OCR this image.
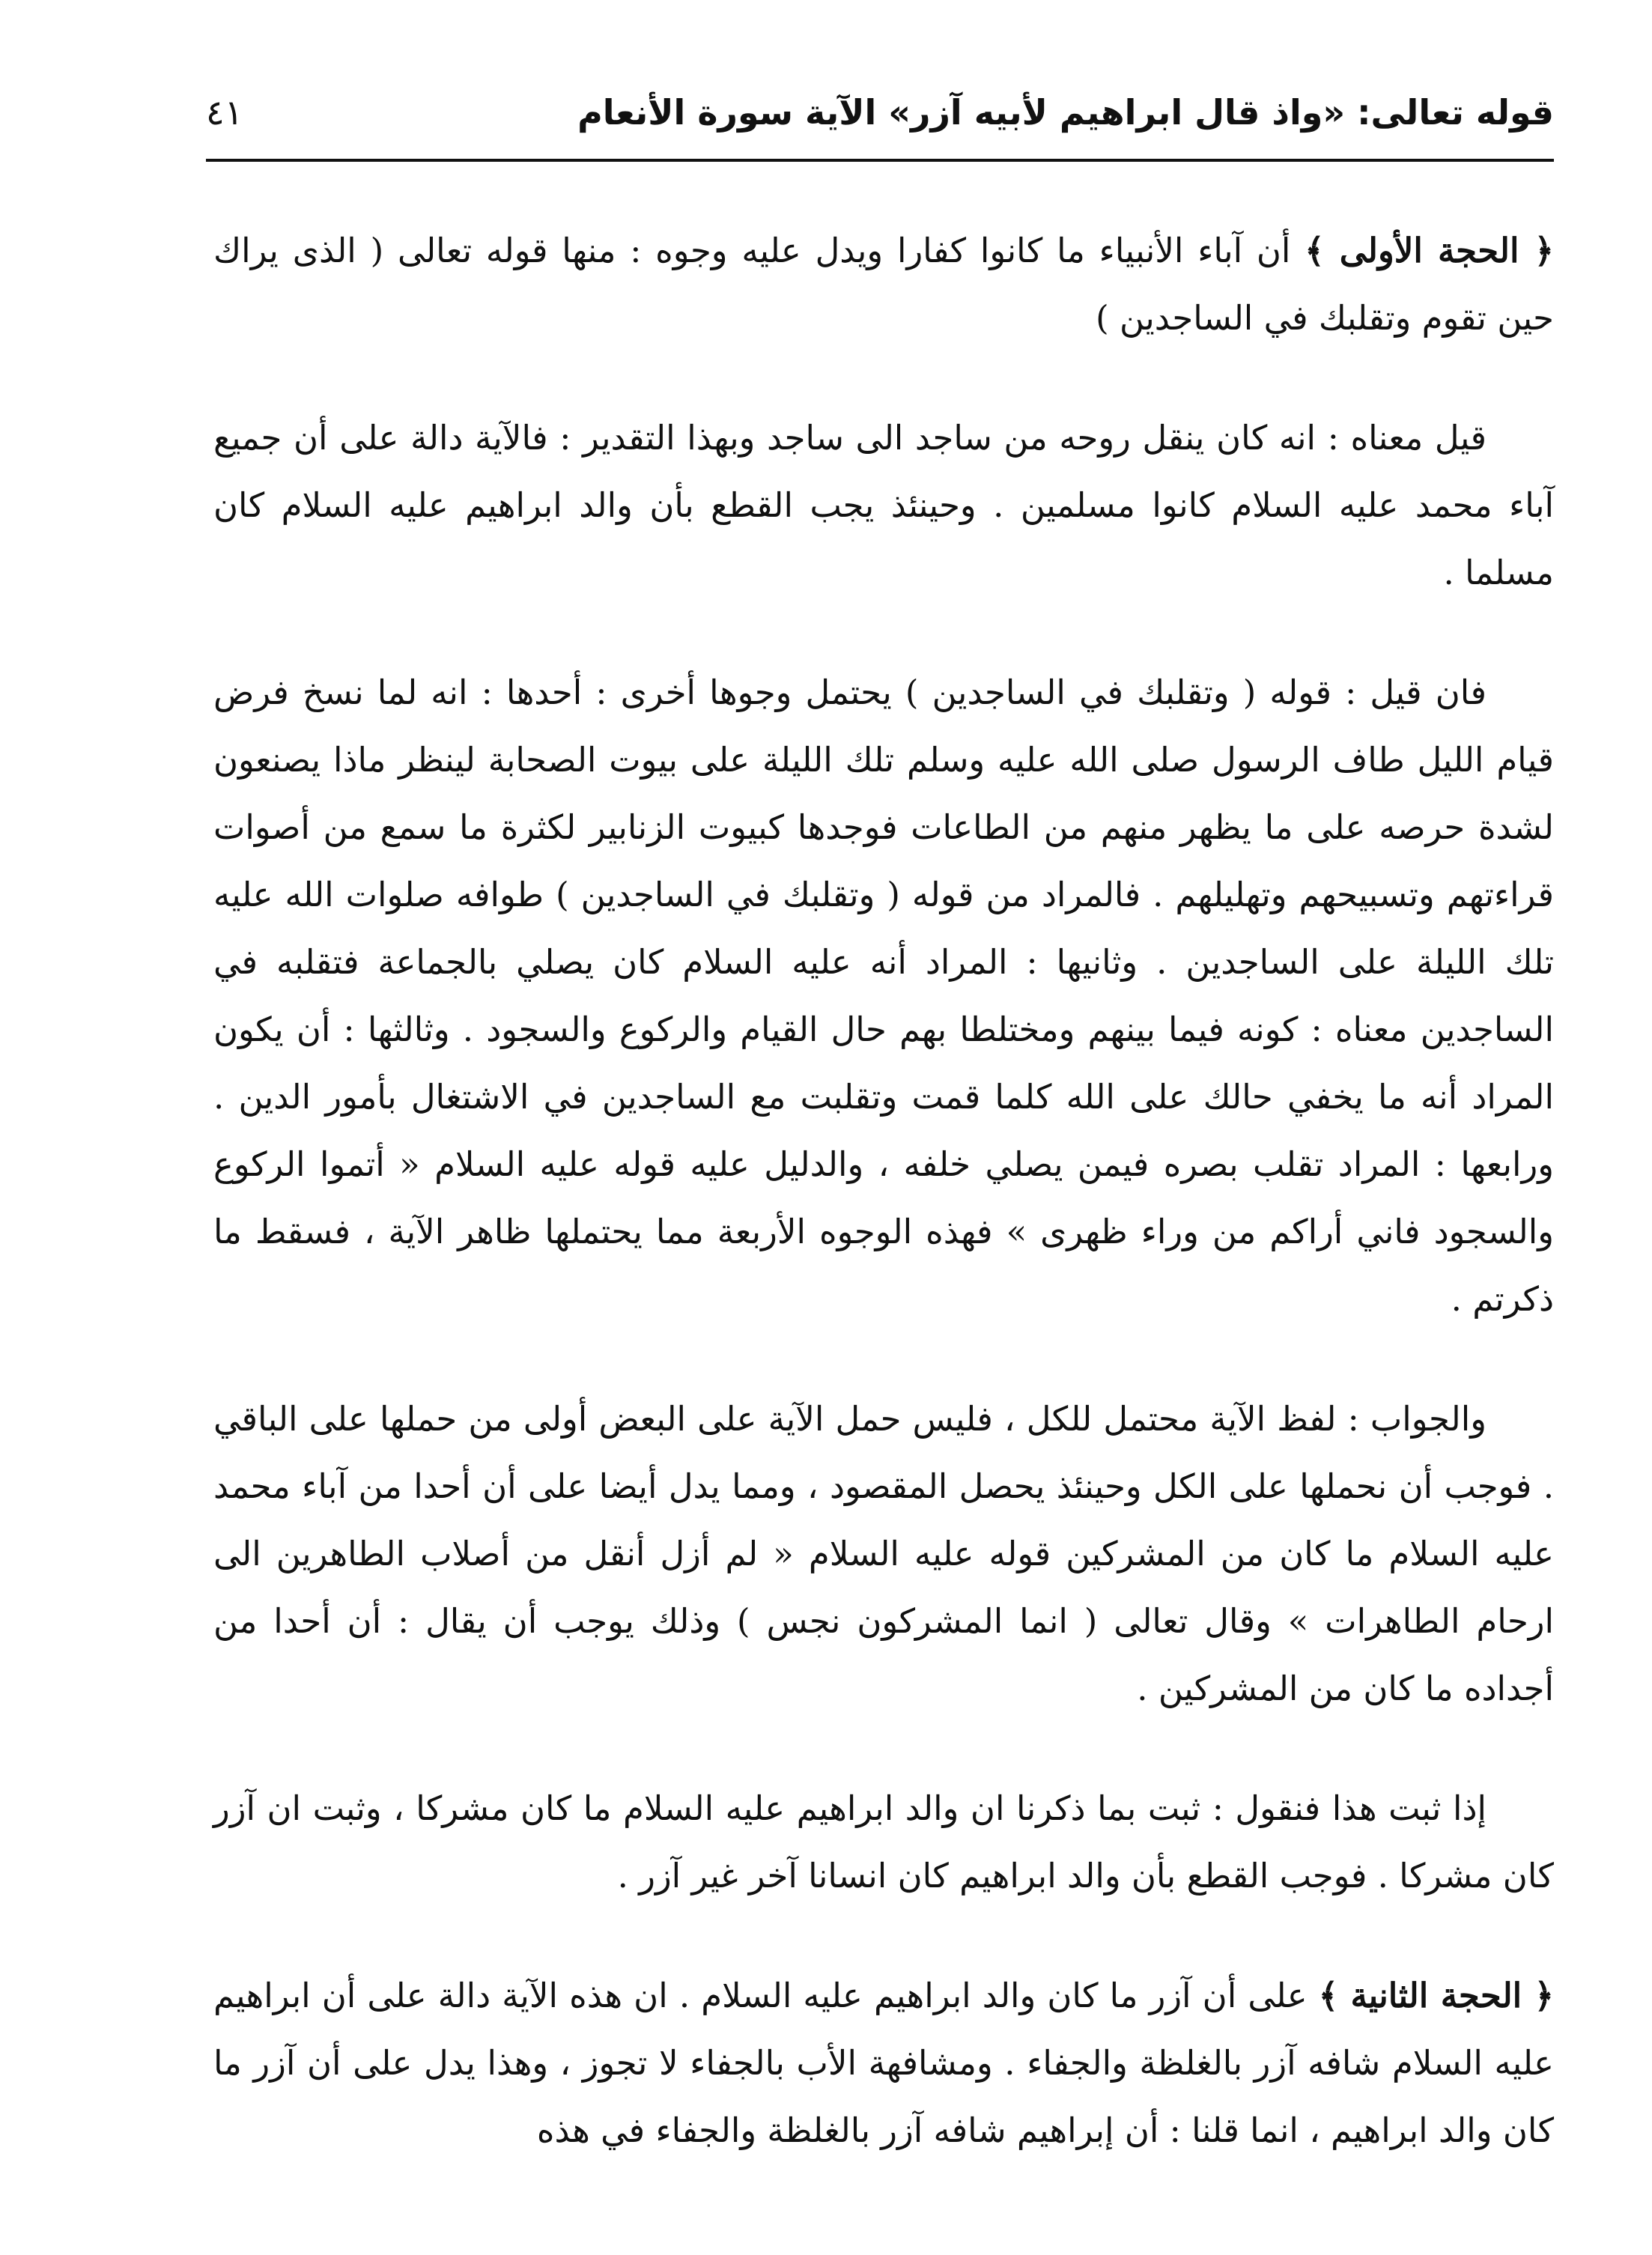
قوله تعالى: «واذ قال ابراهيم لأبيه آزر» الآية سورة الأنعام
٤١

﴿ الحجة الأولى ﴾ أن آباء الأنبياء ما كانوا كفارا ويدل عليه وجوه : منها قوله تعالى ( الذى يراك حين تقوم وتقلبك في الساجدين )

قيل معناه : انه كان ينقل روحه من ساجد الى ساجد وبهذا التقدير : فالآية دالة على أن جميع آباء محمد عليه السلام كانوا مسلمين . وحينئذ يجب القطع بأن والد ابراهيم عليه السلام كان مسلما .

فان قيل : قوله ( وتقلبك في الساجدين ) يحتمل وجوها أخرى : أحدها : انه لما نسخ فرض قيام الليل طاف الرسول صلى الله عليه وسلم تلك الليلة على بيوت الصحابة لينظر ماذا يصنعون لشدة حرصه على ما يظهر منهم من الطاعات فوجدها كبيوت الزنابير لكثرة ما سمع من أصوات قراءتهم وتسبيحهم وتهليلهم . فالمراد من قوله ( وتقلبك في الساجدين ) طوافه صلوات الله عليه تلك الليلة على الساجدين . وثانيها : المراد أنه عليه السلام كان يصلي بالجماعة فتقلبه في الساجدين معناه : كونه فيما بينهم ومختلطا بهم حال القيام والركوع والسجود . وثالثها : أن يكون المراد أنه ما يخفي حالك على الله كلما قمت وتقلبت مع الساجدين في الاشتغال بأمور الدين . ورابعها : المراد تقلب بصره فيمن يصلي خلفه ، والدليل عليه قوله عليه السلام « أتموا الركوع والسجود فاني أراكم من وراء ظهرى » فهذه الوجوه الأربعة مما يحتملها ظاهر الآية ، فسقط ما ذكرتم .

والجواب : لفظ الآية محتمل للكل ، فليس حمل الآية على البعض أولى من حملها على الباقي . فوجب أن نحملها على الكل وحينئذ يحصل المقصود ، ومما يدل أيضا على أن أحدا من آباء محمد عليه السلام ما كان من المشركين قوله عليه السلام « لم أزل أنقل من أصلاب الطاهرين الى ارحام الطاهرات » وقال تعالى ( انما المشركون نجس ) وذلك يوجب أن يقال : أن أحدا من أجداده ما كان من المشركين .

إذا ثبت هذا فنقول : ثبت بما ذكرنا ان والد ابراهيم عليه السلام ما كان مشركا ، وثبت ان آزر كان مشركا . فوجب القطع بأن والد ابراهيم كان انسانا آخر غير آزر .

﴿ الحجة الثانية ﴾ على أن آزر ما كان والد ابراهيم عليه السلام . ان هذه الآية دالة على أن ابراهيم عليه السلام شافه آزر بالغلظة والجفاء . ومشافهة الأب بالجفاء لا تجوز ، وهذا يدل على أن آزر ما كان والد ابراهيم ، انما قلنا : أن إبراهيم شافه آزر بالغلظة والجفاء في هذه
